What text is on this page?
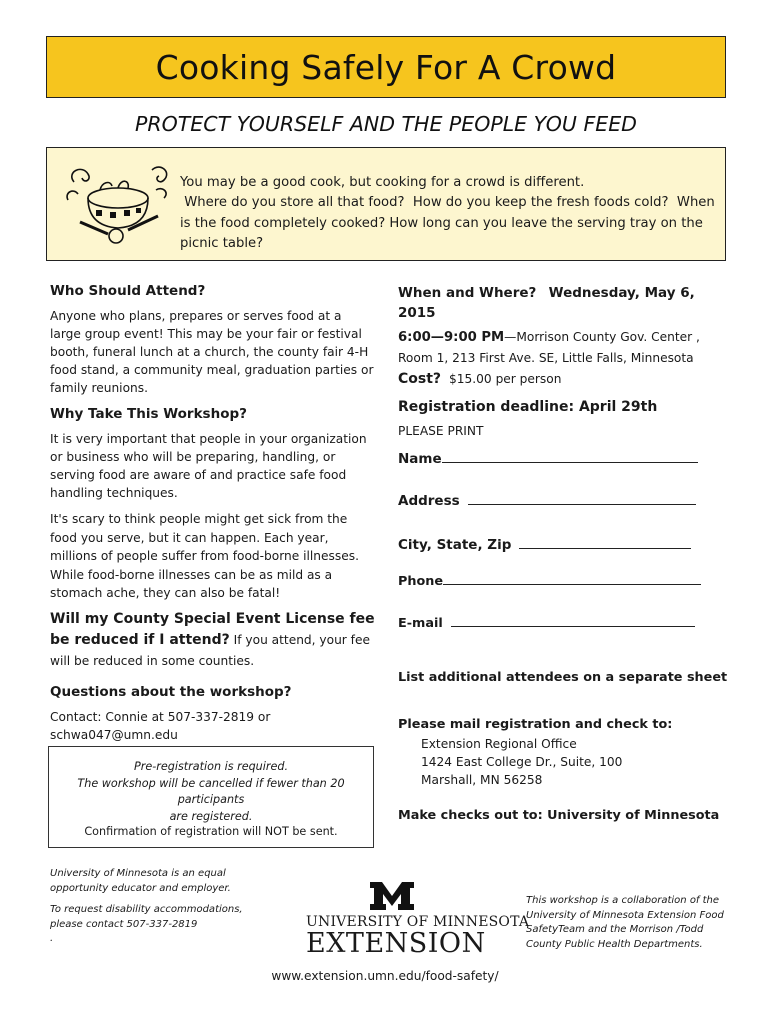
Cooking Safely For A Crowd
PROTECT YOURSELF AND THE PEOPLE YOU FEED
You may be a good cook, but cooking for a crowd is different.
Where do you store all that food?  How do you keep the fresh foods cold?  When
is the food completely cooked? How long can you leave the serving tray on the
picnic table?
Who Should Attend?
Anyone who plans, prepares or serves food at a large group event! This may be your fair or festival booth, funeral lunch at a church, the county fair 4-H food stand, a community meal, graduation parties or family reunions.
Why Take This Workshop?
It is very important that people in your organization or business who will be preparing, handling, or serving food are aware of and practice safe food handling techniques.
It's scary to think people might get sick from the food you serve, but it can happen. Each year, millions of people suffer from food-borne illnesses. While food-borne illnesses can be as mild as a stomach ache, they can also be fatal!
Will my County Special Event License fee be reduced if I attend? If you attend, your fee will be reduced in some counties.
Questions about the workshop?
Contact: Connie at 507-337-2819 or
schwa047@umn.edu
Pre-registration is required.
The workshop will be cancelled if fewer than 20 participants
are registered.
Confirmation of registration will NOT be sent.
When and Where? Wednesday, May 6,
2015
6:00—9:00 PM—Morrison County Gov. Center ,
Room 1, 213 First Ave. SE, Little Falls, Minnesota
Cost? $15.00 per person
Registration deadline: April 29th
PLEASE PRINT
Name
Address
City, State, Zip
Phone
E-mail
List additional attendees on a separate sheet
Please mail registration and check to:
Extension Regional Office
1424 East College Dr., Suite, 100
Marshall, MN 56258
Make checks out to: University of Minnesota
University of Minnesota is an equal
opportunity educator and employer.
To request disability accommodations,
please contact 507-337-2819
.
UNIVERSITY OF MINNESOTA
EXTENSION
This workshop is a collaboration of the
University of Minnesota Extension Food
SafetyTeam and the Morrison /Todd
County Public Health Departments.
www.extension.umn.edu/food-safety/
